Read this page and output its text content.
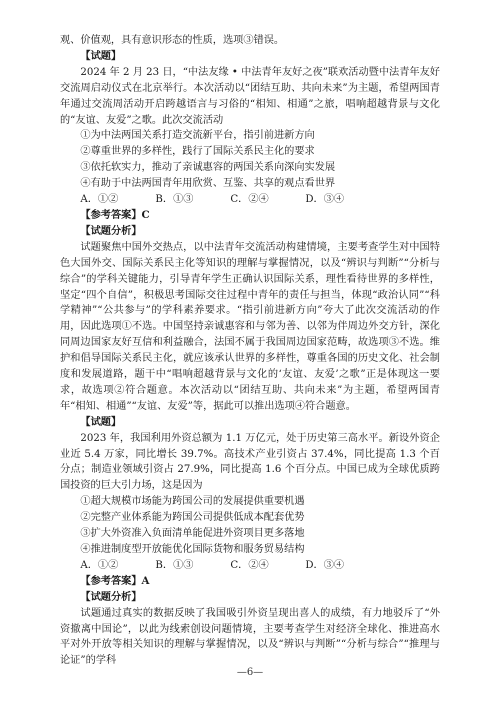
观、价值观，具有意识形态的性质，选项③错误。

【试题】

2024 年 2 月 23 日，“中法友缘 • 中法青年友好之夜”联欢活动暨中法青年友好交流周启动仪式在北京举行。本次活动以“团结互助、共向未来”为主题，希望两国青年通过交流周活动开启跨越语言与习俗的“相知、相通”之旅，唱响超越背景与文化的“友谊、友爱”之歌。此次交流活动

①为中法两国关系打造交流新平台，指引前进新方向

②尊重世界的多样性，践行了国际关系民主化的要求

③依托软实力，推动了亲诚惠容的两国关系向深向实发展

④有助于中法两国青年用欣赏、互鉴、共享的观点看世界

A．①②	B．①③	C．②④	D．③④

【参考答案】C

【试题分析】

试题聚焦中国外交热点，以中法青年交流活动构建情境，主要考查学生对中国特色大国外交、国际关系民主化等知识的理解与掌握情况，以及“辨识与判断”“分析与综合”的学科关键能力，引导青年学生正确认识国际关系，理性看待世界的多样性，坚定“四个自信”，积极思考国际交往过程中青年的责任与担当，体现“政治认同”“科学精神”“公共参与”的学科素养要求。“指引前进新方向”夸大了此次交流活动的作用，因此选项①不选。中国坚持亲诚惠容和与邻为善、以邻为伴周边外交方针，深化同周边国家友好互信和利益融合，法国不属于我国周边国家范畴，故选项③不选。维护和倡导国际关系民主化，就应该承认世界的多样性，尊重各国的历史文化、社会制度和发展道路，题干中“唱响超越背景与文化的‘友谊、友爱’之歌”正是体现这一要求，故选项②符合题意。本次活动以“团结互助、共向未来”为主题，希望两国青年“相知、相通”“友谊、友爱”等，据此可以推出选项④符合题意。

【试题】

2023 年，我国利用外资总额为 1.1 万亿元，处于历史第三高水平。新设外资企业近 5.4 万家，同比增长 39.7%。高技术产业引资占 37.4%，同比提高 1.3 个百分点；制造业领域引资占 27.9%，同比提高 1.6 个百分点。中国已成为全球优质跨国投资的巨大引力场，这是因为

①超大规模市场能为跨国公司的发展提供重要机遇

②完整产业体系能为跨国公司提供低成本配套优势

③扩大外资准入负面清单能促进外资项目更多落地

④推进制度型开放能优化国际货物和服务贸易结构

A．①②	B．①③	C．②④	D．③④

【参考答案】A

【试题分析】

试题通过真实的数据反映了我国吸引外资呈现出喜人的成绩，有力地驳斥了“外资撤离中国论”，以此为线索创设问题情境，主要考查学生对经济全球化、推进高水平对外开放等相关知识的理解与掌握情况，以及“辨识与判断”“分析与综合”“推理与论证”的学科

—6—
